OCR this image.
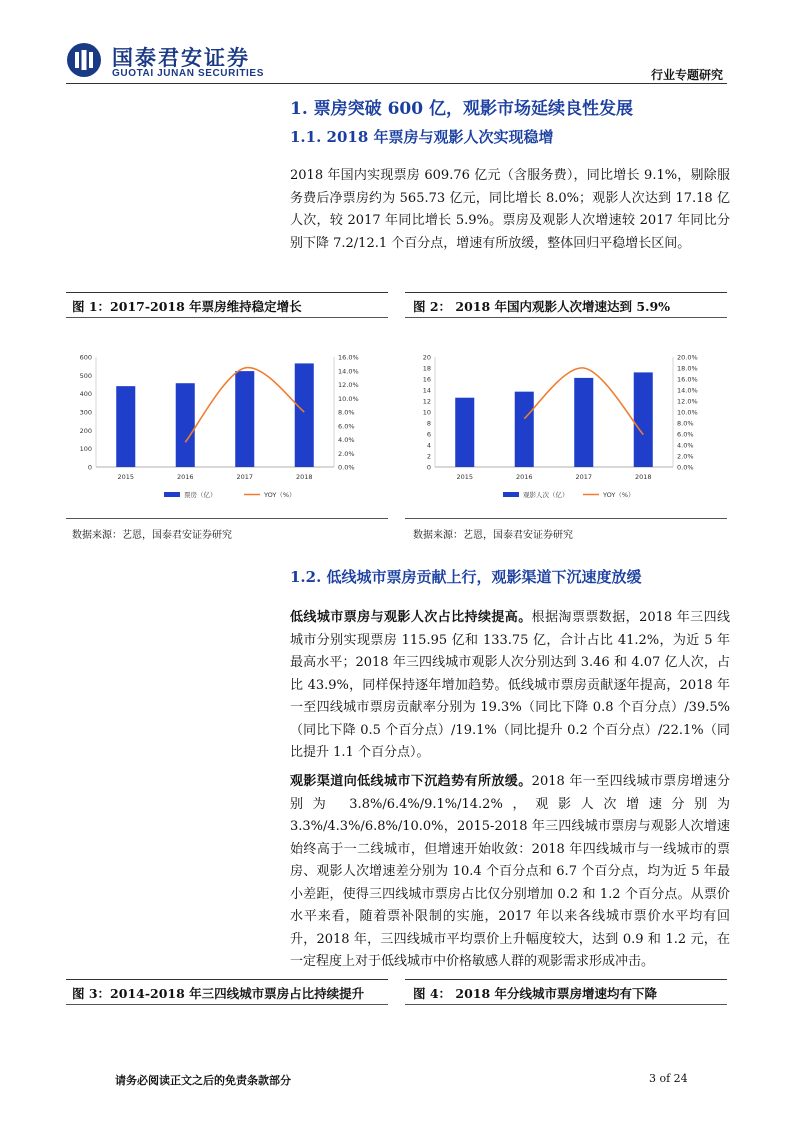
国泰君安证券
GUOTAI JUNAN SECURITIES	行业专题研究
1. 票房突破 600 亿，观影市场延续良性发展
1.1. 2018 年票房与观影人次实现稳增
2018 年国内实现票房 609.76 亿元（含服务费），同比增长 9.1%，剔除服务费后净票房约为 565.73 亿元，同比增长 8.0%；观影人次达到 17.18 亿人次，较 2017 年同比增长 5.9%。票房及观影人次增速较 2017 年同比分别下降 7.2/12.1 个百分点，增速有所放缓，整体回归平稳增长区间。
图 1：2017-2018 年票房维持稳定增长
0
100
200
300
400
500
600
0.0%
2.0%
4.0%
6.0%
8.0%
10.0%
12.0%
14.0%
16.0%
2015	2016	2017	2018
票房（亿）	YOY（%）
数据来源：艺恩，国泰君安证券研究
图 2： 2018 年国内观影人次增速达到 5.9%
0
2
4
6
8
10
12
14
16
18
20
0.0%
2.0%
4.0%
6.0%
8.0%
10.0%
12.0%
14.0%
16.0%
18.0%
20.0%
2015	2016	2017	2018
观影人次（亿）	YOY（%）
数据来源：艺恩，国泰君安证券研究
1.2. 低线城市票房贡献上行，观影渠道下沉速度放缓
低线城市票房与观影人次占比持续提高。根据淘票票数据，2018 年三四线城市分别实现票房 115.95 亿和 133.75 亿，合计占比 41.2%，为近 5 年最高水平；2018 年三四线城市观影人次分别达到 3.46 和 4.07 亿人次，占比 43.9%，同样保持逐年增加趋势。低线城市票房贡献逐年提高，2018 年一至四线城市票房贡献率分别为 19.3%（同比下降 0.8 个百分点）/39.5%（同比下降 0.5 个百分点）/19.1%（同比提升 0.2 个百分点）/22.1%（同比提升 1.1 个百分点）。
观影渠道向低线城市下沉趋势有所放缓。2018 年一至四线城市票房增速分别为 3.8%/6.4%/9.1%/14.2%，观影人次增速分别为 3.3%/4.3%/6.8%/10.0%，2015-2018 年三四线城市票房与观影人次增速始终高于一二线城市，但增速开始收敛：2018 年四线城市与一线城市的票房、观影人次增速差分别为 10.4 个百分点和 6.7 个百分点，均为近 5 年最小差距，使得三四线城市票房占比仅分别增加 0.2 和 1.2 个百分点。从票价水平来看，随着票补限制的实施，2017 年以来各线城市票价水平均有回升，2018 年，三四线城市平均票价上升幅度较大，达到 0.9 和 1.2 元，在一定程度上对于低线城市中价格敏感人群的观影需求形成冲击。
图 3：2014-2018 年三四线城市票房占比持续提升	图 4： 2018 年分线城市票房增速均有下降
请务必阅读正文之后的免责条款部分	3 of 24
